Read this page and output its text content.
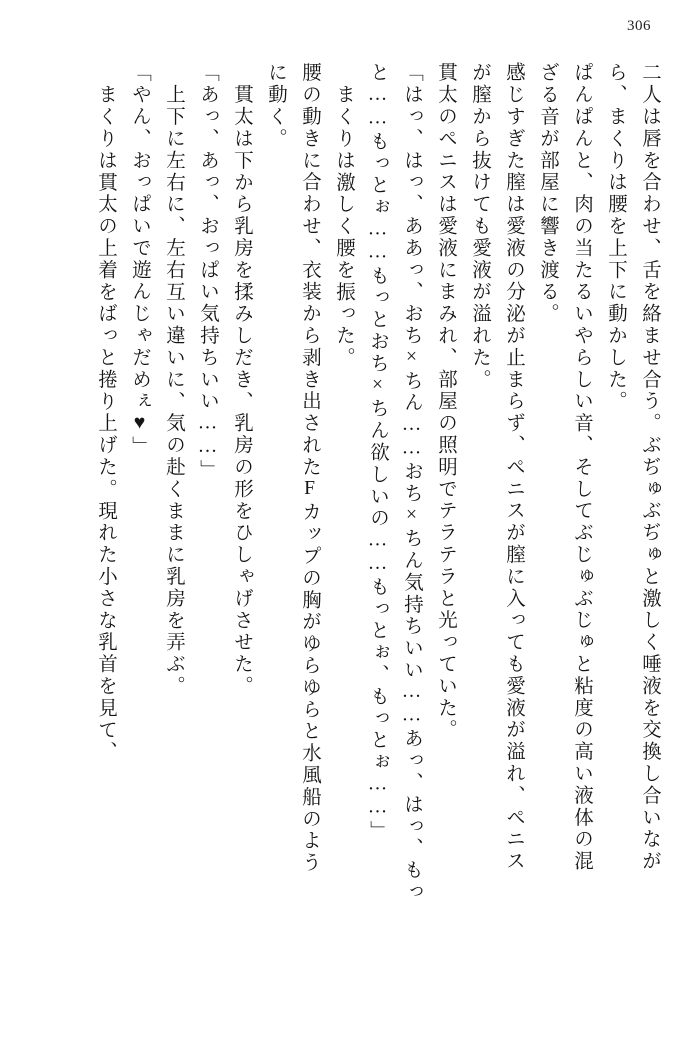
306
二人は唇を合わせ、舌を絡ませ合う。ぶぢゅぶぢゅと激しく唾液を交換し合いなが
ら、まくりは腰を上下に動かした。
ぱんぱんと、肉の当たるいやらしい音、そしてぶじゅぶじゅと粘度の高い液体の混
ざる音が部屋に響き渡る。
感じすぎた膣は愛液の分泌が止まらず、ペニスが膣に入っても愛液が溢れ、ペニス
が膣から抜けても愛液が溢れた。
貫太のペニスは愛液にまみれ、部屋の照明でテラテラと光っていた。
「はっ、はっ、ああっ、おち×ちん……おち×ちん気持ちいい……あっ、はっ、もっ
と……もっとぉ……もっとおち×ちん欲しいの……もっとぉ、もっとぉ……」
まくりは激しく腰を振った。
腰の動きに合わせ、衣装から剥き出されたFカップの胸がゆらゆらと水風船のよう
に動く。
貫太は下から乳房を揉みしだき、乳房の形をひしゃげさせた。
「あっ、あっ、おっぱい気持ちいい……」
上下に左右に、左右互い違いに、気の赴くままに乳房を弄ぶ。
「やん、おっぱいで遊んじゃだめぇ♥」
まくりは貫太の上着をばっと捲り上げた。現れた小さな乳首を見て、
